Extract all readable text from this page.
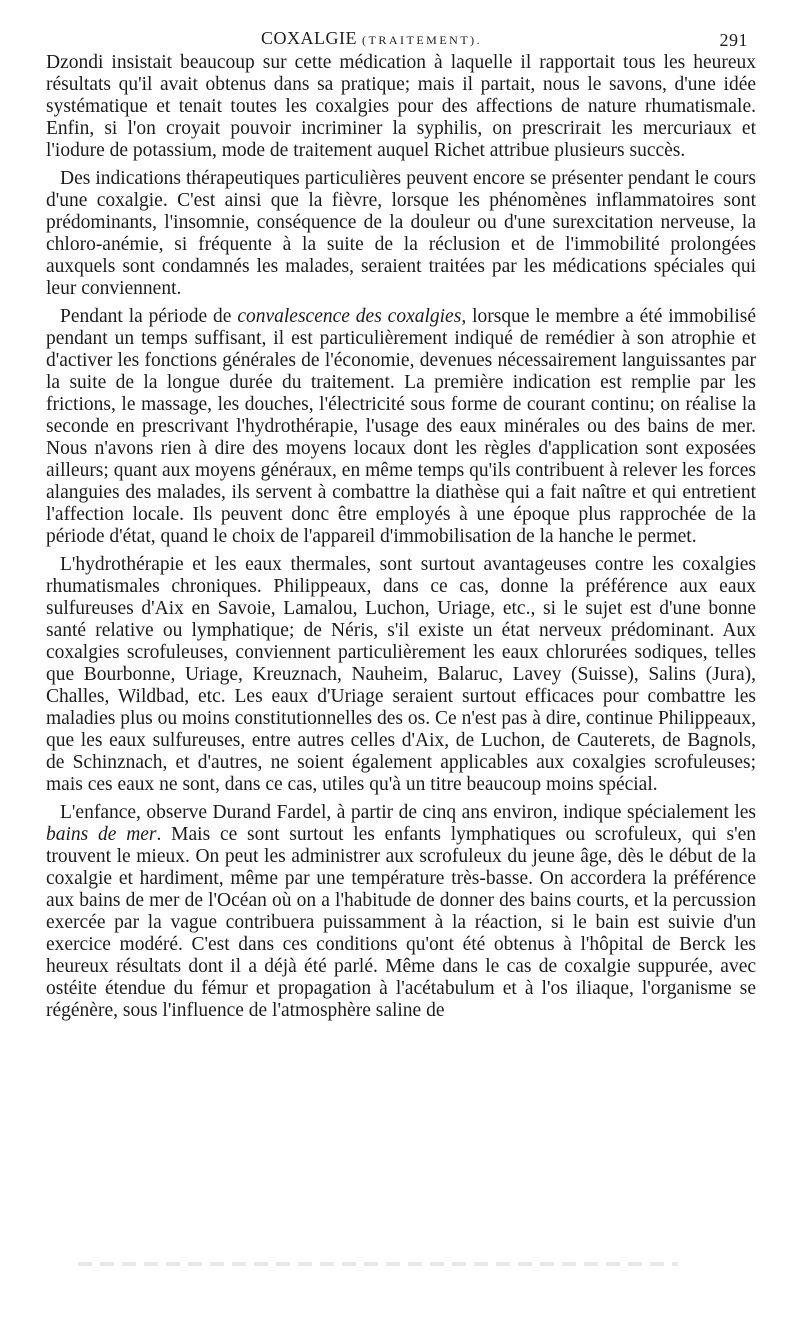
COXALGIE (TRAITEMENT).	291

Dzondi insistait beaucoup sur cette médication à laquelle il rapportait tous les heureux résultats qu'il avait obtenus dans sa pratique; mais il partait, nous le savons, d'une idée systématique et tenait toutes les coxalgies pour des affections de nature rhumatismale. Enfin, si l'on croyait pouvoir incriminer la syphilis, on prescrirait les mercuriaux et l'iodure de potassium, mode de traitement auquel Richet attribue plusieurs succès.

Des indications thérapeutiques particulières peuvent encore se présenter pendant le cours d'une coxalgie. C'est ainsi que la fièvre, lorsque les phénomènes inflammatoires sont prédominants, l'insomnie, conséquence de la douleur ou d'une surexcitation nerveuse, la chloro-anémie, si fréquente à la suite de la réclusion et de l'immobilité prolongées auxquels sont condamnés les malades, seraient traitées par les médications spéciales qui leur conviennent.

Pendant la période de convalescence des coxalgies, lorsque le membre a été immobilisé pendant un temps suffisant, il est particulièrement indiqué de remédier à son atrophie et d'activer les fonctions générales de l'économie, devenues nécessairement languissantes par la suite de la longue durée du traitement. La première indication est remplie par les frictions, le massage, les douches, l'électricité sous forme de courant continu; on réalise la seconde en prescrivant l'hydrothérapie, l'usage des eaux minérales ou des bains de mer. Nous n'avons rien à dire des moyens locaux dont les règles d'application sont exposées ailleurs; quant aux moyens généraux, en même temps qu'ils contribuent à relever les forces alanguies des malades, ils servent à combattre la diathèse qui a fait naître et qui entretient l'affection locale. Ils peuvent donc être employés à une époque plus rapprochée de la période d'état, quand le choix de l'appareil d'immobilisation de la hanche le permet.

L'hydrothérapie et les eaux thermales, sont surtout avantageuses contre les coxalgies rhumatismales chroniques. Philippeaux, dans ce cas, donne la préférence aux eaux sulfureuses d'Aix en Savoie, Lamalou, Luchon, Uriage, etc., si le sujet est d'une bonne santé relative ou lymphatique; de Néris, s'il existe un état nerveux prédominant. Aux coxalgies scrofuleuses, conviennent particulièrement les eaux chlorurées sodiques, telles que Bourbonne, Uriage, Kreuznach, Nauheim, Balaruc, Lavey (Suisse), Salins (Jura), Challes, Wildbad, etc. Les eaux d'Uriage seraient surtout efficaces pour combattre les maladies plus ou moins constitutionnelles des os. Ce n'est pas à dire, continue Philippeaux, que les eaux sulfureuses, entre autres celles d'Aix, de Luchon, de Cauterets, de Bagnols, de Schinznach, et d'autres, ne soient également applicables aux coxalgies scrofuleuses; mais ces eaux ne sont, dans ce cas, utiles qu'à un titre beaucoup moins spécial.

L'enfance, observe Durand Fardel, à partir de cinq ans environ, indique spécialement les bains de mer. Mais ce sont surtout les enfants lymphatiques ou scrofuleux, qui s'en trouvent le mieux. On peut les administrer aux scrofuleux du jeune âge, dès le début de la coxalgie et hardiment, même par une température très-basse. On accordera la préférence aux bains de mer de l'Océan où on a l'habitude de donner des bains courts, et la percussion exercée par la vague contribuera puissamment à la réaction, si le bain est suivie d'un exercice modéré. C'est dans ces conditions qu'ont été obtenus à l'hôpital de Berck les heureux résultats dont il a déjà été parlé. Même dans le cas de coxalgie suppurée, avec ostéite étendue du fémur et propagation à l'acétabulum et à l'os iliaque, l'organisme se régénère, sous l'influence de l'atmosphère saline de
